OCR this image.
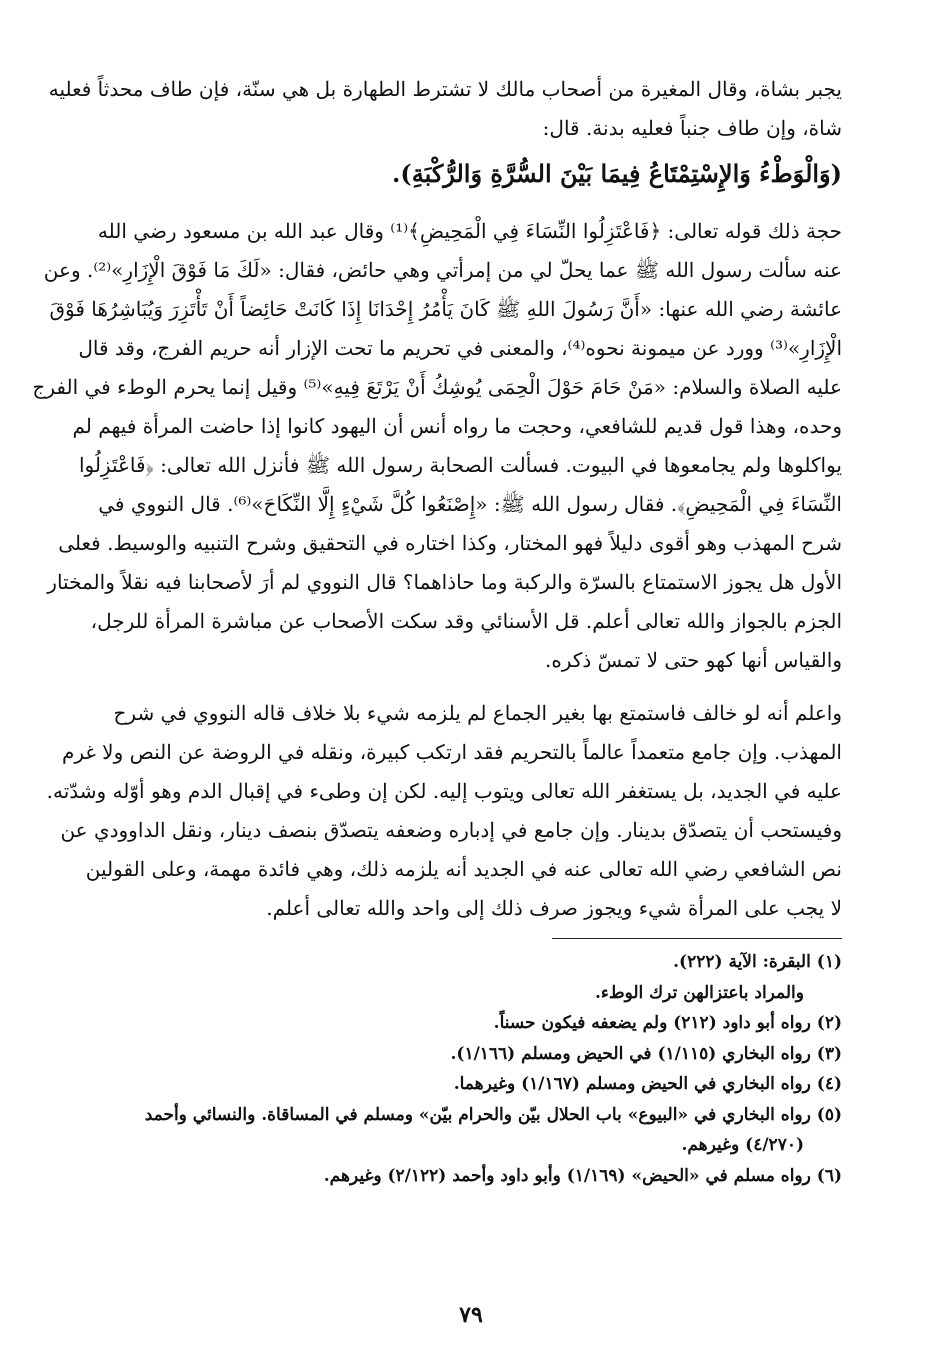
يجبر بشاة، وقال المغيرة من أصحاب مالك لا تشترط الطهارة بل هي سنّة، فإن طاف محدثاً فعليه
شاة، وإن طاف جنباً فعليه بدنة. قال:
(وَالْوَطْءُ وَالإِسْتِمْتَاعُ فِيمَا بَيْنَ السُّرَّةِ وَالرُّكْبَةِ).
حجة ذلك قوله تعالى: ﴿فَاعْتَزِلُوا النِّسَاءَ فِي الْمَحِيضِ﴾⁽¹⁾ وقال عبد الله بن مسعود رضي الله
عنه سألت رسول الله ﷺ عما يحلّ لي من إمرأتي وهي حائض، فقال: «لَكَ مَا فَوْقَ الْإِزَارِ»⁽²⁾. وعن
عائشة رضي الله عنها: «أَنَّ رَسُولَ اللهِ ﷺ كَانَ يَأْمُرُ إِحْدَانَا إِذَا كَانَتْ حَائِضاً أَنْ تَأْتَزِرَ وَيُبَاشِرُهَا فَوْقَ
الْإِزَارِ»⁽³⁾ وورد عن ميمونة نحوه⁽⁴⁾، والمعنى في تحريم ما تحت الإزار أنه حريم الفرج، وقد قال
عليه الصلاة والسلام: «مَنْ حَامَ حَوْلَ الْحِمَى يُوشِكُ أَنْ يَرْتَعَ فِيهِ»⁽⁵⁾ وقيل إنما يحرم الوطء في الفرج
وحده، وهذا قول قديم للشافعي، وحجت ما رواه أنس أن اليهود كانوا إذا حاضت المرأة فيهم لم
يواكلوها ولم يجامعوها في البيوت. فسألت الصحابة رسول الله ﷺ فأنزل الله تعالى: ﴿فَاعْتَزِلُوا
النِّسَاءَ فِي الْمَحِيضِ﴾. فقال رسول الله ﷺ: «إِصْنَعُوا كُلَّ شَيْءٍ إِلَّا النِّكَاحَ»⁽⁶⁾. قال النووي في
شرح المهذب وهو أقوى دليلاً فهو المختار، وكذا اختاره في التحقيق وشرح التنبيه والوسيط. فعلى
الأول هل يجوز الاستمتاع بالسرّة والركبة وما حاذاهما؟ قال النووي لم أرَ لأصحابنا فيه نقلاً والمختار
الجزم بالجواز والله تعالى أعلم. قل الأسنائي وقد سكت الأصحاب عن مباشرة المرأة للرجل،
والقياس أنها كهو حتى لا تمسّ ذكره.
واعلم أنه لو خالف فاستمتع بها بغير الجماع لم يلزمه شيء بلا خلاف قاله النووي في شرح
المهذب. وإن جامع متعمداً عالماً بالتحريم فقد ارتكب كبيرة، ونقله في الروضة عن النص ولا غرم
عليه في الجديد، بل يستغفر الله تعالى ويتوب إليه. لكن إن وطىء في إقبال الدم وهو أوّله وشدّته.
وفيستحب أن يتصدّق بدينار. وإن جامع في إدباره وضعفه يتصدّق بنصف دينار، ونقل الداوودي عن
نص الشافعي رضي الله تعالى عنه في الجديد أنه يلزمه ذلك، وهي فائدة مهمة، وعلى القولين
لا يجب على المرأة شيء ويجوز صرف ذلك إلى واحد والله تعالى أعلم.
(١) البقرة: الآية (٢٢٢).
والمراد باعتزالهن ترك الوطء.
(٢) رواه أبو داود (٢١٢) ولم يضعفه فيكون حسناً.
(٣) رواه البخاري (١/١١٥) في الحيض ومسلم (١/١٦٦).
(٤) رواه البخاري في الحيض ومسلم (١/١٦٧) وغيرهما.
(٥) رواه البخاري في «البيوع» باب الحلال بيّن والحرام بيّن» ومسلم في المساقاة. والنسائي وأحمد
(٤/٢٧٠) وغيرهم.
(٦) رواه مسلم في «الحيض» (١/١٦٩) وأبو داود وأحمد (٢/١٢٢) وغيرهم.
٧٩
